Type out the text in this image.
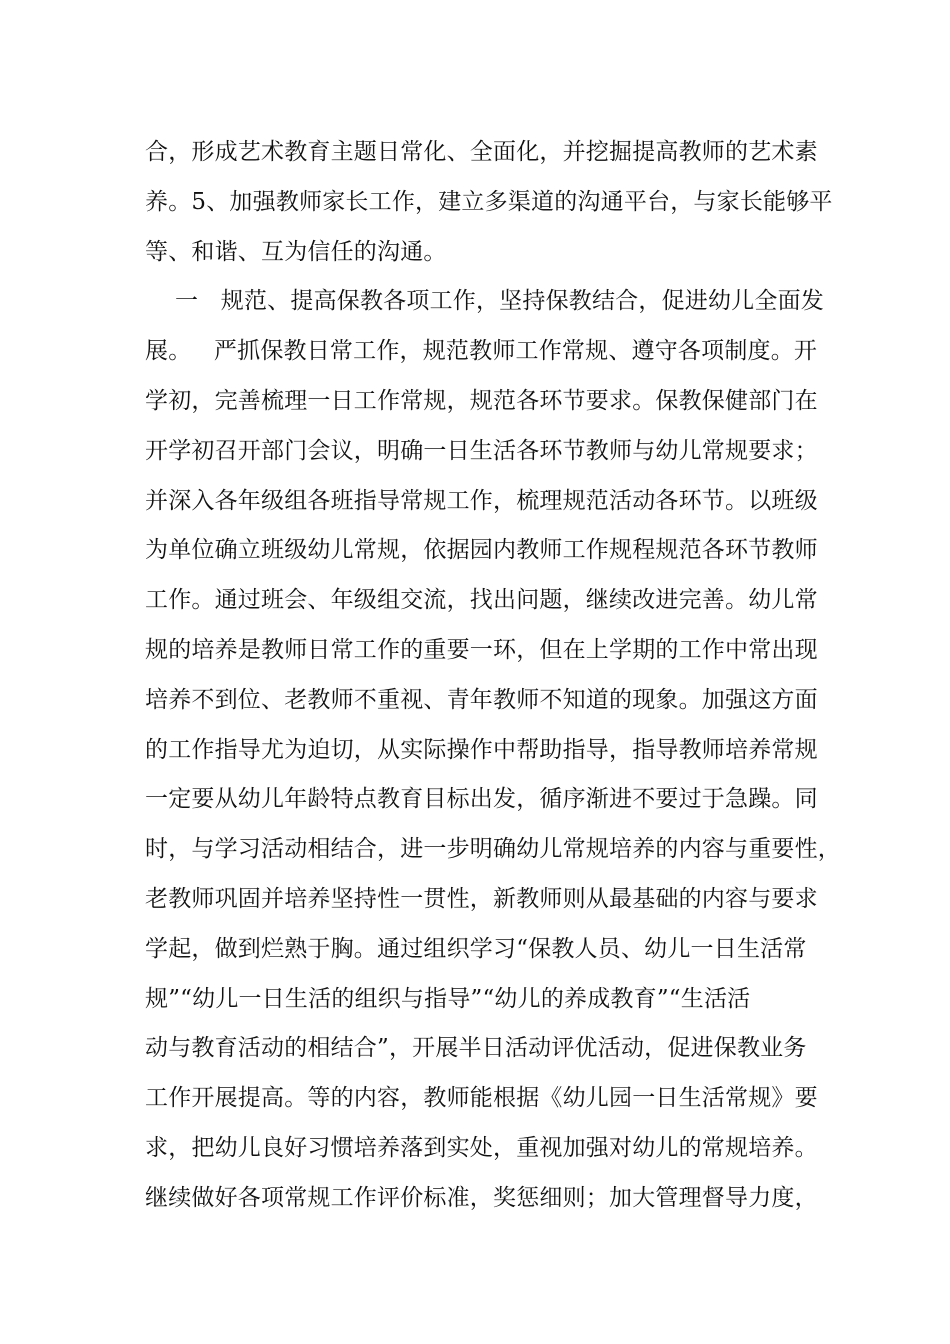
合，形成艺术教育主题日常化、全面化，并挖掘提高教师的艺术素
养。5、加强教师家长工作，建立多渠道的沟通平台，与家长能够平
等、和谐、互为信任的沟通。
一   规范、提高保教各项工作，坚持保教结合，促进幼儿全面发
展。   严抓保教日常工作，规范教师工作常规、遵守各项制度。开
学初，完善梳理一日工作常规，规范各环节要求。保教保健部门在
开学初召开部门会议，明确一日生活各环节教师与幼儿常规要求；
并深入各年级组各班指导常规工作，梳理规范活动各环节。以班级
为单位确立班级幼儿常规，依据园内教师工作规程规范各环节教师
工作。通过班会、年级组交流，找出问题，继续改进完善。幼儿常
规的培养是教师日常工作的重要一环，但在上学期的工作中常出现
培养不到位、老教师不重视、青年教师不知道的现象。加强这方面
的工作指导尤为迫切，从实际操作中帮助指导，指导教师培养常规
一定要从幼儿年龄特点教育目标出发，循序渐进不要过于急躁。同
时，与学习活动相结合，进一步明确幼儿常规培养的内容与重要性，
老教师巩固并培养坚持性一贯性，新教师则从最基础的内容与要求
学起，做到烂熟于胸。通过组织学习“保教人员、幼儿一日生活常
规”“幼儿一日生活的组织与指导”“幼儿的养成教育”“生活活
动与教育活动的相结合”，开展半日活动评优活动，促进保教业务
工作开展提高。等的内容，教师能根据《幼儿园一日生活常规》要
求，把幼儿良好习惯培养落到实处，重视加强对幼儿的常规培养。
继续做好各项常规工作评价标准，奖惩细则；加大管理督导力度，
